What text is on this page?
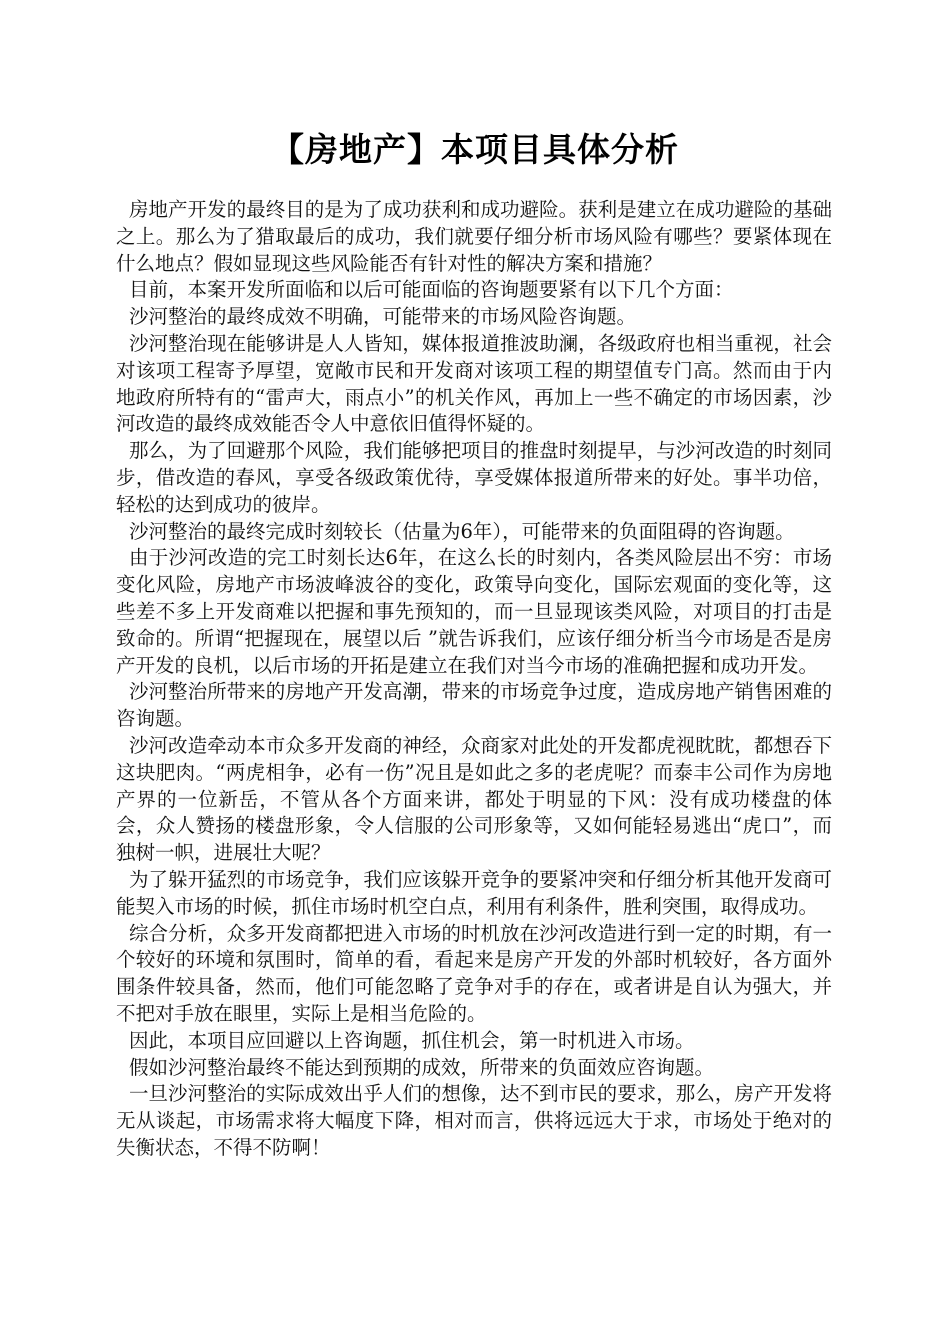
【房地产】本项目具体分析

房地产开发的最终目的是为了成功获利和成功避险。获利是建立在成功避险的基础之上。那么为了猎取最后的成功，我们就要仔细分析市场风险有哪些？要紧体现在什么地点？假如显现这些风险能否有针对性的解决方案和措施？

目前，本案开发所面临和以后可能面临的咨询题要紧有以下几个方面：

沙河整治的最终成效不明确，可能带来的市场风险咨询题。

沙河整治现在能够讲是人人皆知，媒体报道推波助澜，各级政府也相当重视，社会对该项工程寄予厚望，宽敞市民和开发商对该项工程的期望值专门高。然而由于内地政府所特有的“雷声大，雨点小”的机关作风，再加上一些不确定的市场因素，沙河改造的最终成效能否令人中意依旧值得怀疑的。

那么，为了回避那个风险，我们能够把项目的推盘时刻提早，与沙河改造的时刻同步，借改造的春风，享受各级政策优待，享受媒体报道所带来的好处。事半功倍，轻松的达到成功的彼岸。

沙河整治的最终完成时刻较长（估量为6年），可能带来的负面阻碍的咨询题。

由于沙河改造的完工时刻长达6年，在这么长的时刻内，各类风险层出不穷：市场变化风险，房地产市场波峰波谷的变化，政策导向变化，国际宏观面的变化等，这些差不多上开发商难以把握和事先预知的，而一旦显现该类风险，对项目的打击是致命的。所谓“把握现在，展望以后 ”就告诉我们，应该仔细分析当今市场是否是房产开发的良机，以后市场的开拓是建立在我们对当今市场的准确把握和成功开发。

沙河整治所带来的房地产开发高潮，带来的市场竞争过度，造成房地产销售困难的咨询题。

沙河改造牵动本市众多开发商的神经，众商家对此处的开发都虎视眈眈，都想吞下这块肥肉。“两虎相争，必有一伤”况且是如此之多的老虎呢？而泰丰公司作为房地产界的一位新岳，不管从各个方面来讲，都处于明显的下风：没有成功楼盘的体会，众人赞扬的楼盘形象，令人信服的公司形象等，又如何能轻易逃出“虎口”，而独树一帜，进展壮大呢？

为了躲开猛烈的市场竞争，我们应该躲开竞争的要紧冲突和仔细分析其他开发商可能契入市场的时候，抓住市场时机空白点，利用有利条件，胜利突围，取得成功。

综合分析，众多开发商都把进入市场的时机放在沙河改造进行到一定的时期，有一个较好的环境和氛围时，简单的看，看起来是房产开发的外部时机较好，各方面外围条件较具备，然而，他们可能忽略了竞争对手的存在，或者讲是自认为强大，并不把对手放在眼里，实际上是相当危险的。

因此，本项目应回避以上咨询题，抓住机会，第一时机进入市场。

假如沙河整治最终不能达到预期的成效，所带来的负面效应咨询题。

一旦沙河整治的实际成效出乎人们的想像，达不到市民的要求，那么，房产开发将无从谈起，市场需求将大幅度下降，相对而言，供将远远大于求，市场处于绝对的失衡状态，不得不防啊！
